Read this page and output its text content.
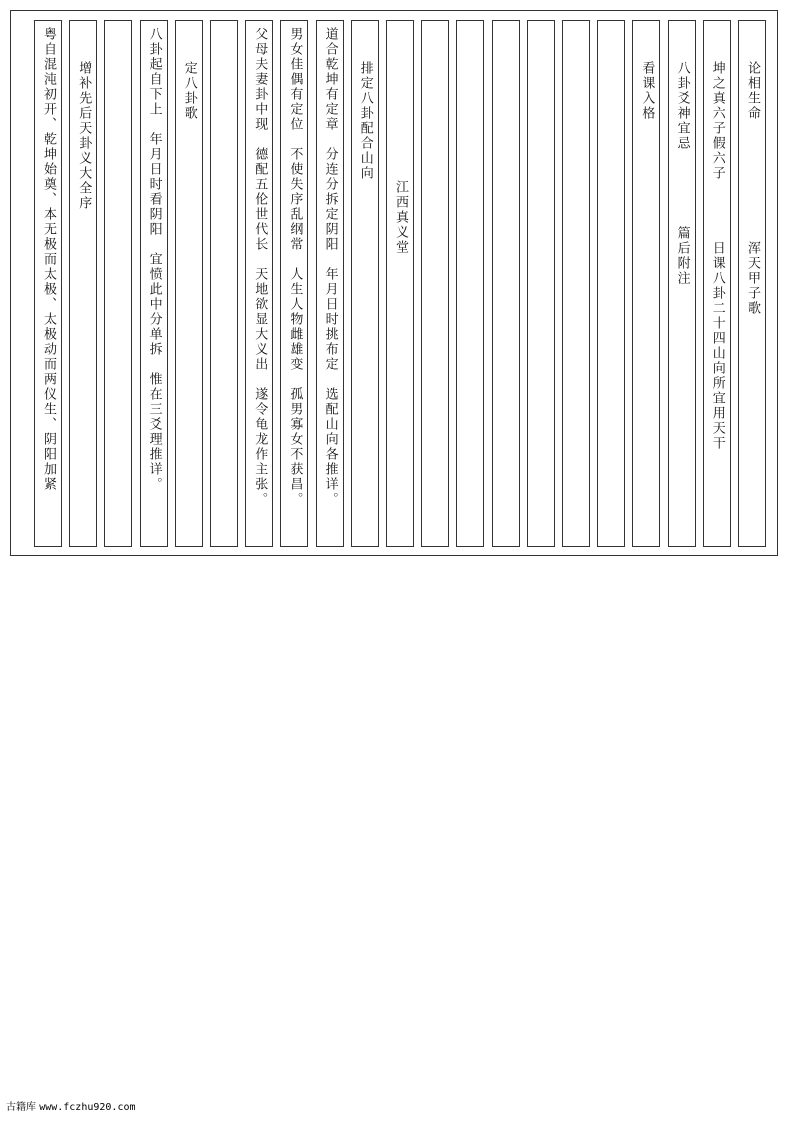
粤自混沌初开、乾坤始奠、本无极而太极、太极动而两仪生、阴阳加紧	增补先后天卦义大全序	八卦起自下上　年月日时看阴阳　宜愤此中分单拆　惟在三爻理推详。	定八卦歌	父母夫妻卦中现　德配五伦世代长　天地欲显大义出　遂令龟龙作主张。	男女佳偶有定位　不使失序乱纲常　人生人物雌雄变　孤男寡女不获昌。	道合乾坤有定章　分连分拆定阴阳　年月日时挑布定　选配山向各推详。	排定八卦配合山向	江西真义堂	看课入格	八卦爻神宜忌　　　　　篇后附注	坤之真六子假六子　　　　日课八卦二十四山向所宜用天干	论相生命　　　　　　　　浑天甲子歌
古籍库 www.fczhu920.com
